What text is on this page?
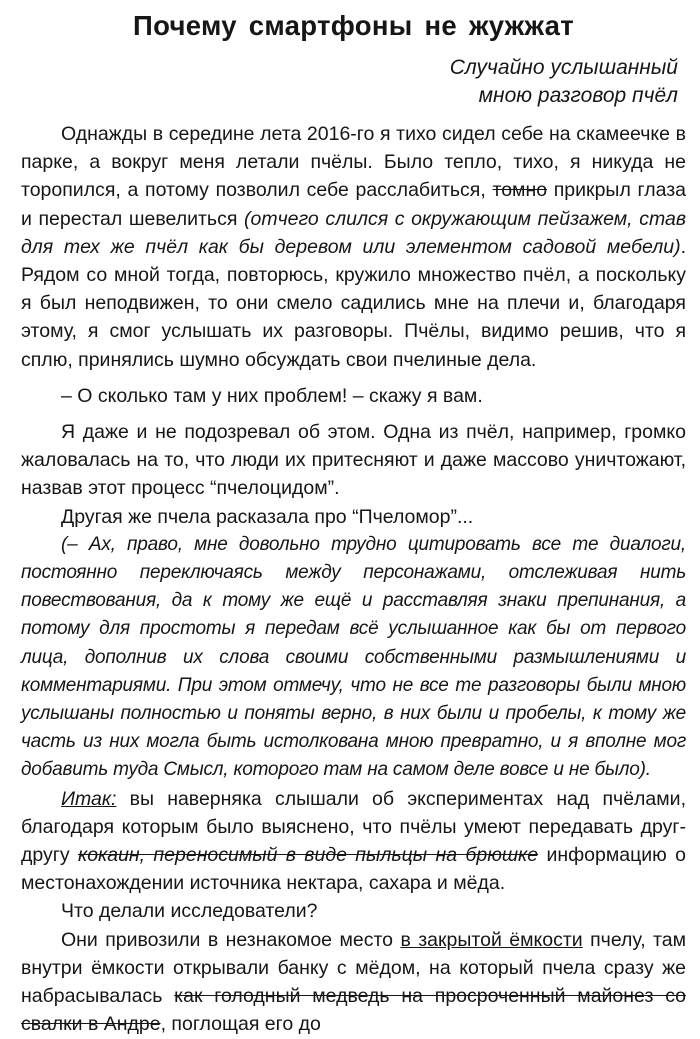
Почему смартфоны не жужжат
Случайно услышанный
мною разговор пчёл

Однажды в середине лета 2016-го я тихо сидел себе на скамеечке в парке, а вокруг меня летали пчёлы. Было тепло, тихо, я никуда не торопился, а потому позволил себе расслабиться, томно прикрыл глаза и перестал шевелиться (отчего слился с окружающим пейзажем, став для тех же пчёл как бы деревом или элементом садовой мебели). Рядом со мной тогда, повторюсь, кружило множество пчёл, а поскольку я был неподвижен, то они смело садились мне на плечи и, благодаря этому, я смог услышать их разговоры. Пчёлы, видимо решив, что я сплю, принялись шумно обсуждать свои пчелиные дела.

– О сколько там у них проблем! – скажу я вам.

Я даже и не подозревал об этом. Одна из пчёл, например, громко жаловалась на то, что люди их притесняют и даже массово уничтожают, назвав этот процесс “пчелоцидом”.

Другая же пчела расказала про “Пчеломор”...

(– Ах, право, мне довольно трудно цитировать все те диалоги, постоянно переключаясь между персонажами, отслеживая нить повествования, да к тому же ещё и расставляя знаки препинания, а потому для простоты я передам всё услышанное как бы от первого лица, дополнив их слова своими собственными размышлениями и комментариями. При этом отмечу, что не все те разговоры были мною услышаны полностью и поняты верно, в них были и пробелы, к тому же часть из них могла быть истолкована мною превратно, и я вполне мог добавить туда Смысл, которого там на самом деле вовсе и не было).

Итак: вы наверняка слышали об экспериментах над пчёлами, благодаря которым было выяснено, что пчёлы умеют передавать друг-другу кокаин, переносимый в виде пыльцы на брюшке информацию о местонахождении источника нектара, сахара и мёда.

Что делали исследователи?

Они привозили в незнакомое место в закрытой ёмкости пчелу, там внутри ёмкости открывали банку с мёдом, на который пчела сразу же набрасывалась как голодный медведь на просроченный майонез со свалки в Андре, поглощая его до
